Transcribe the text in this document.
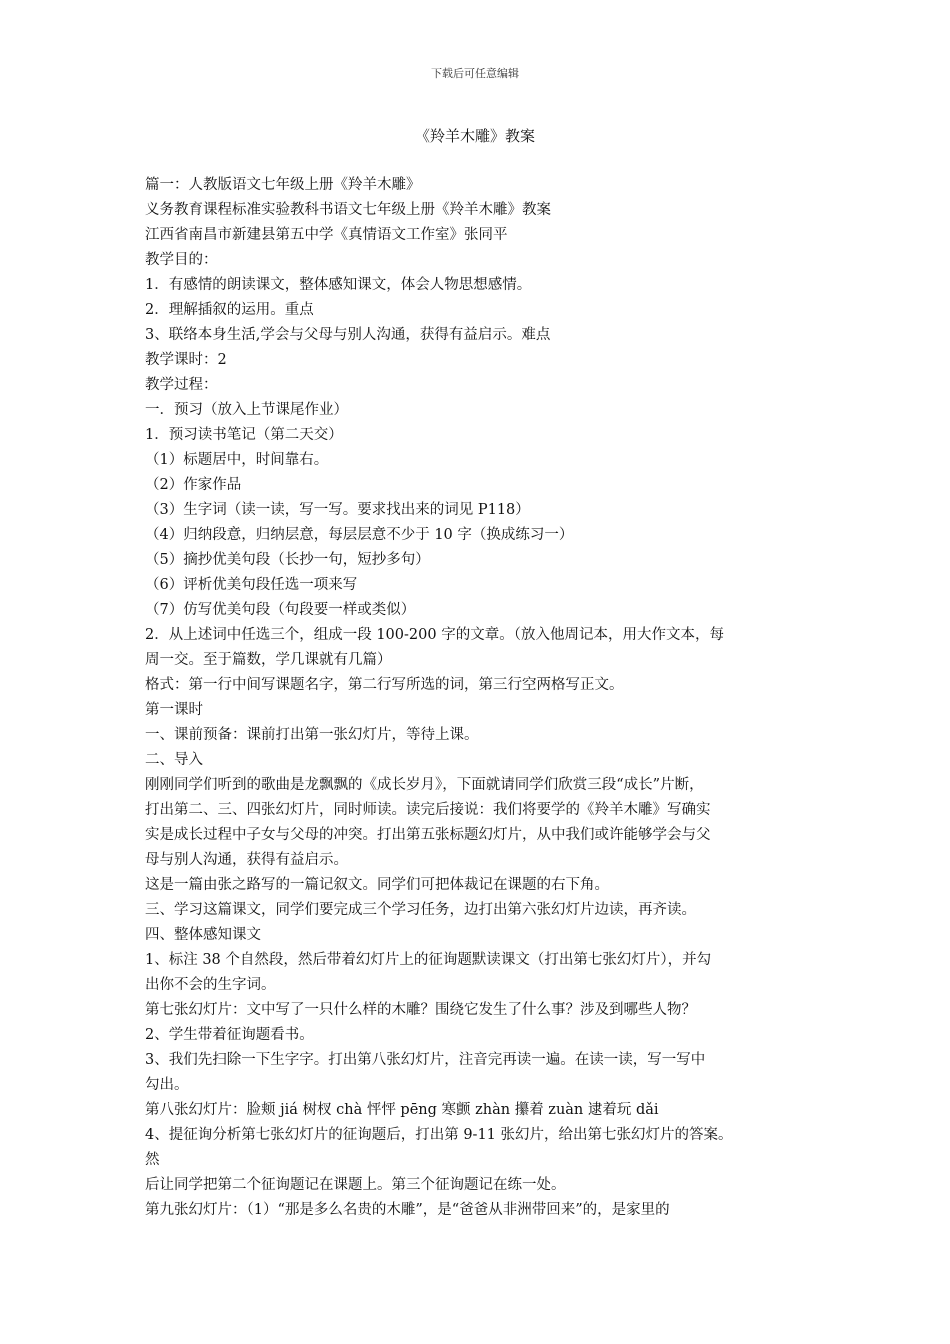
下载后可任意编辑
《羚羊木雕》教案
篇一：人教版语文七年级上册《羚羊木雕》
义务教育课程标准实验教科书语文七年级上册《羚羊木雕》教案
江西省南昌市新建县第五中学《真情语文工作室》张同平
教学目的：
1．有感情的朗读课文，整体感知课文，体会人物思想感情。
2．理解插叙的运用。重点
3、联络本身生活,学会与父母与别人沟通，获得有益启示。难点
教学课时：2
教学过程：
一．预习（放入上节课尾作业）
1．预习读书笔记（第二天交）
（1）标题居中，时间靠右。
（2）作家作品
（3）生字词（读一读，写一写。要求找出来的词见 P118）
（4）归纳段意，归纳层意，每层层意不少于 10 字（换成练习一）
（5）摘抄优美句段（长抄一句，短抄多句）
（6）评析优美句段任选一项来写
（7）仿写优美句段（句段要一样或类似）
2．从上述词中任选三个，组成一段 100-200 字的文章。（放入他周记本，用大作文本，每
周一交。至于篇数，学几课就有几篇）
格式：第一行中间写课题名字，第二行写所选的词，第三行空两格写正文。
第一课时
一、课前预备：课前打出第一张幻灯片，等待上课。
二、导入
刚刚同学们听到的歌曲是龙飘飘的《成长岁月》，下面就请同学们欣赏三段“成长”片断，
打出第二、三、四张幻灯片，同时师读。读完后接说：我们将要学的《羚羊木雕》写确实
实是成长过程中子女与父母的冲突。打出第五张标题幻灯片，从中我们或许能够学会与父
母与别人沟通，获得有益启示。
这是一篇由张之路写的一篇记叙文。同学们可把体裁记在课题的右下角。
三、学习这篇课文，同学们要完成三个学习任务，边打出第六张幻灯片边读，再齐读。
四、整体感知课文
1、标注 38 个自然段，然后带着幻灯片上的征询题默读课文（打出第七张幻灯片），并勾
出你不会的生字词。
第七张幻灯片：文中写了一只什么样的木雕？围绕它发生了什么事？涉及到哪些人物？
2、学生带着征询题看书。
3、我们先扫除一下生字字。打出第八张幻灯片，注音完再读一遍。在读一读，写一写中
勾出。
第八张幻灯片：脸颊 jiá 树杈 chà 怦怦 pēng 寒颤 zhàn 攥着 zuàn 逮着玩 dǎi
4、提征询分析第七张幻灯片的征询题后，打出第 9-11 张幻片，给出第七张幻灯片的答案。
然
后让同学把第二个征询题记在课题上。第三个征询题记在练一处。
第九张幻灯片：（1）“那是多么名贵的木雕”，是“爸爸从非洲带回来”的，是家里的
